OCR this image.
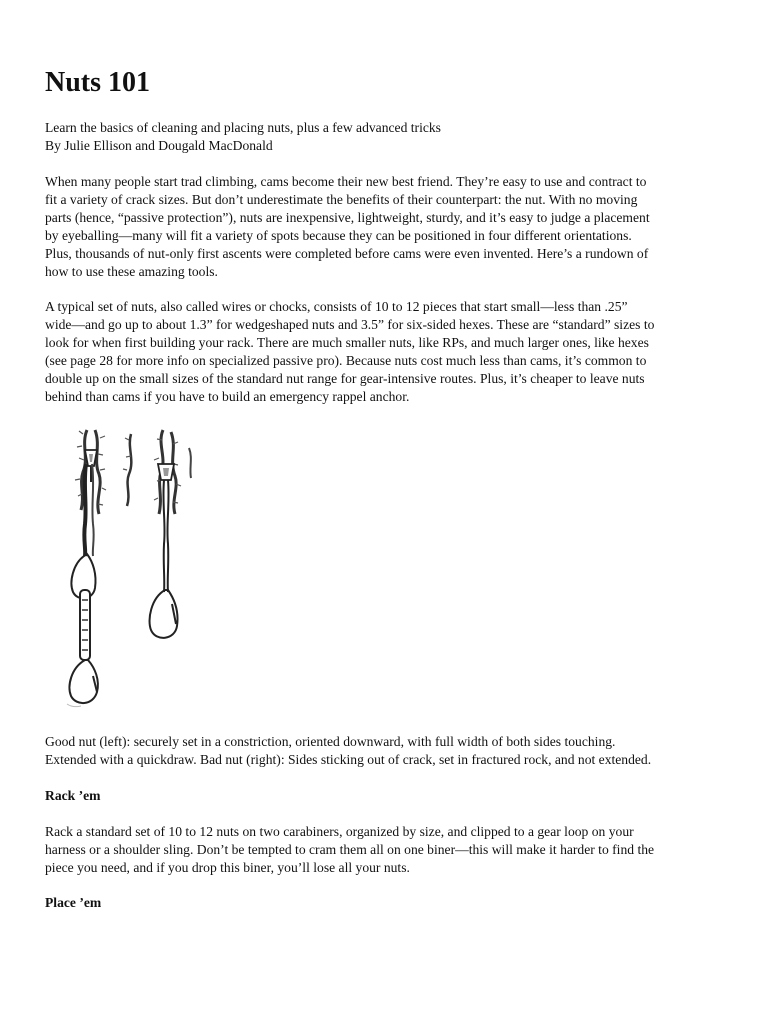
Nuts 101
Learn the basics of cleaning and placing nuts, plus a few advanced tricks
By Julie Ellison and Dougald MacDonald
When many people start trad climbing, cams become their new best friend. They’re easy to use and contract to
fit a variety of crack sizes. But don’t underestimate the benefits of their counterpart: the nut. With no moving
parts (hence, “passive protection”), nuts are inexpensive, lightweight, sturdy, and it’s easy to judge a placement
by eyeballing—many will fit a variety of spots because they can be positioned in four different orientations.
Plus, thousands of nut-only first ascents were completed before cams were even invented. Here’s a rundown of
how to use these amazing tools.
A typical set of nuts, also called wires or chocks, consists of 10 to 12 pieces that start small—less than .25”
wide—and go up to about 1.3” for wedgeshaped nuts and 3.5” for six-sided hexes. These are “standard” sizes to
look for when first building your rack. There are much smaller nuts, like RPs, and much larger ones, like hexes
(see page 28 for more info on specialized passive pro). Because nuts cost much less than cams, it’s common to
double up on the small sizes of the standard nut range for gear-intensive routes. Plus, it’s cheaper to leave nuts
behind than cams if you have to build an emergency rappel anchor.
Good nut (left): securely set in a constriction, oriented downward, with full width of both sides touching.
Extended with a quickdraw. Bad nut (right): Sides sticking out of crack, set in fractured rock, and not extended.
Rack ’em
Rack a standard set of 10 to 12 nuts on two carabiners, organized by size, and clipped to a gear loop on your
harness or a shoulder sling. Don’t be tempted to cram them all on one biner—this will make it harder to find the
piece you need, and if you drop this biner, you’ll lose all your nuts.
Place ’em
